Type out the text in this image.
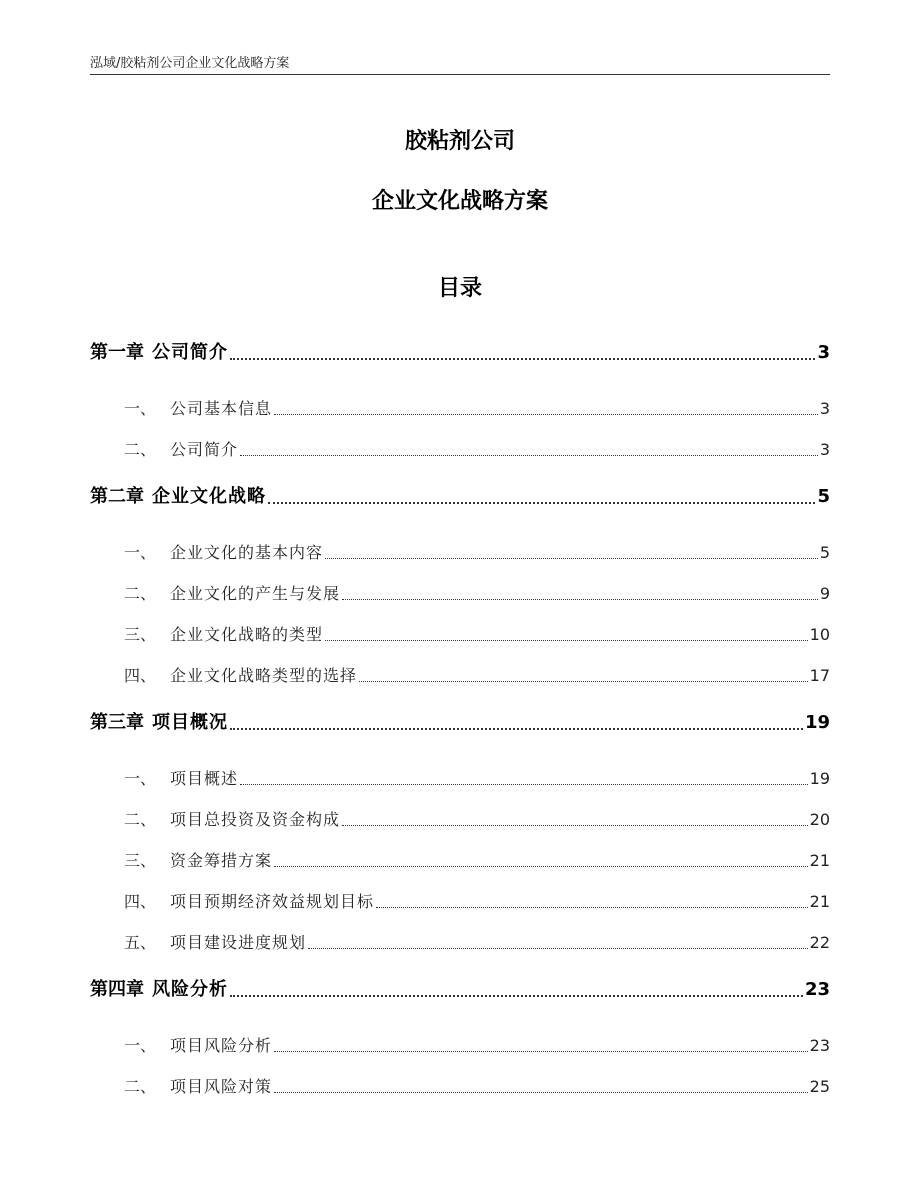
泓域/胶粘剂公司企业文化战略方案
胶粘剂公司
企业文化战略方案
目录
第一章 公司简介	3
一、 公司基本信息	3
二、 公司简介	3
第二章 企业文化战略	5
一、 企业文化的基本内容	5
二、 企业文化的产生与发展	9
三、 企业文化战略的类型	10
四、 企业文化战略类型的选择	17
第三章 项目概况	19
一、 项目概述	19
二、 项目总投资及资金构成	20
三、 资金筹措方案	21
四、 项目预期经济效益规划目标	21
五、 项目建设进度规划	22
第四章 风险分析	23
一、 项目风险分析	23
二、 项目风险对策	25
